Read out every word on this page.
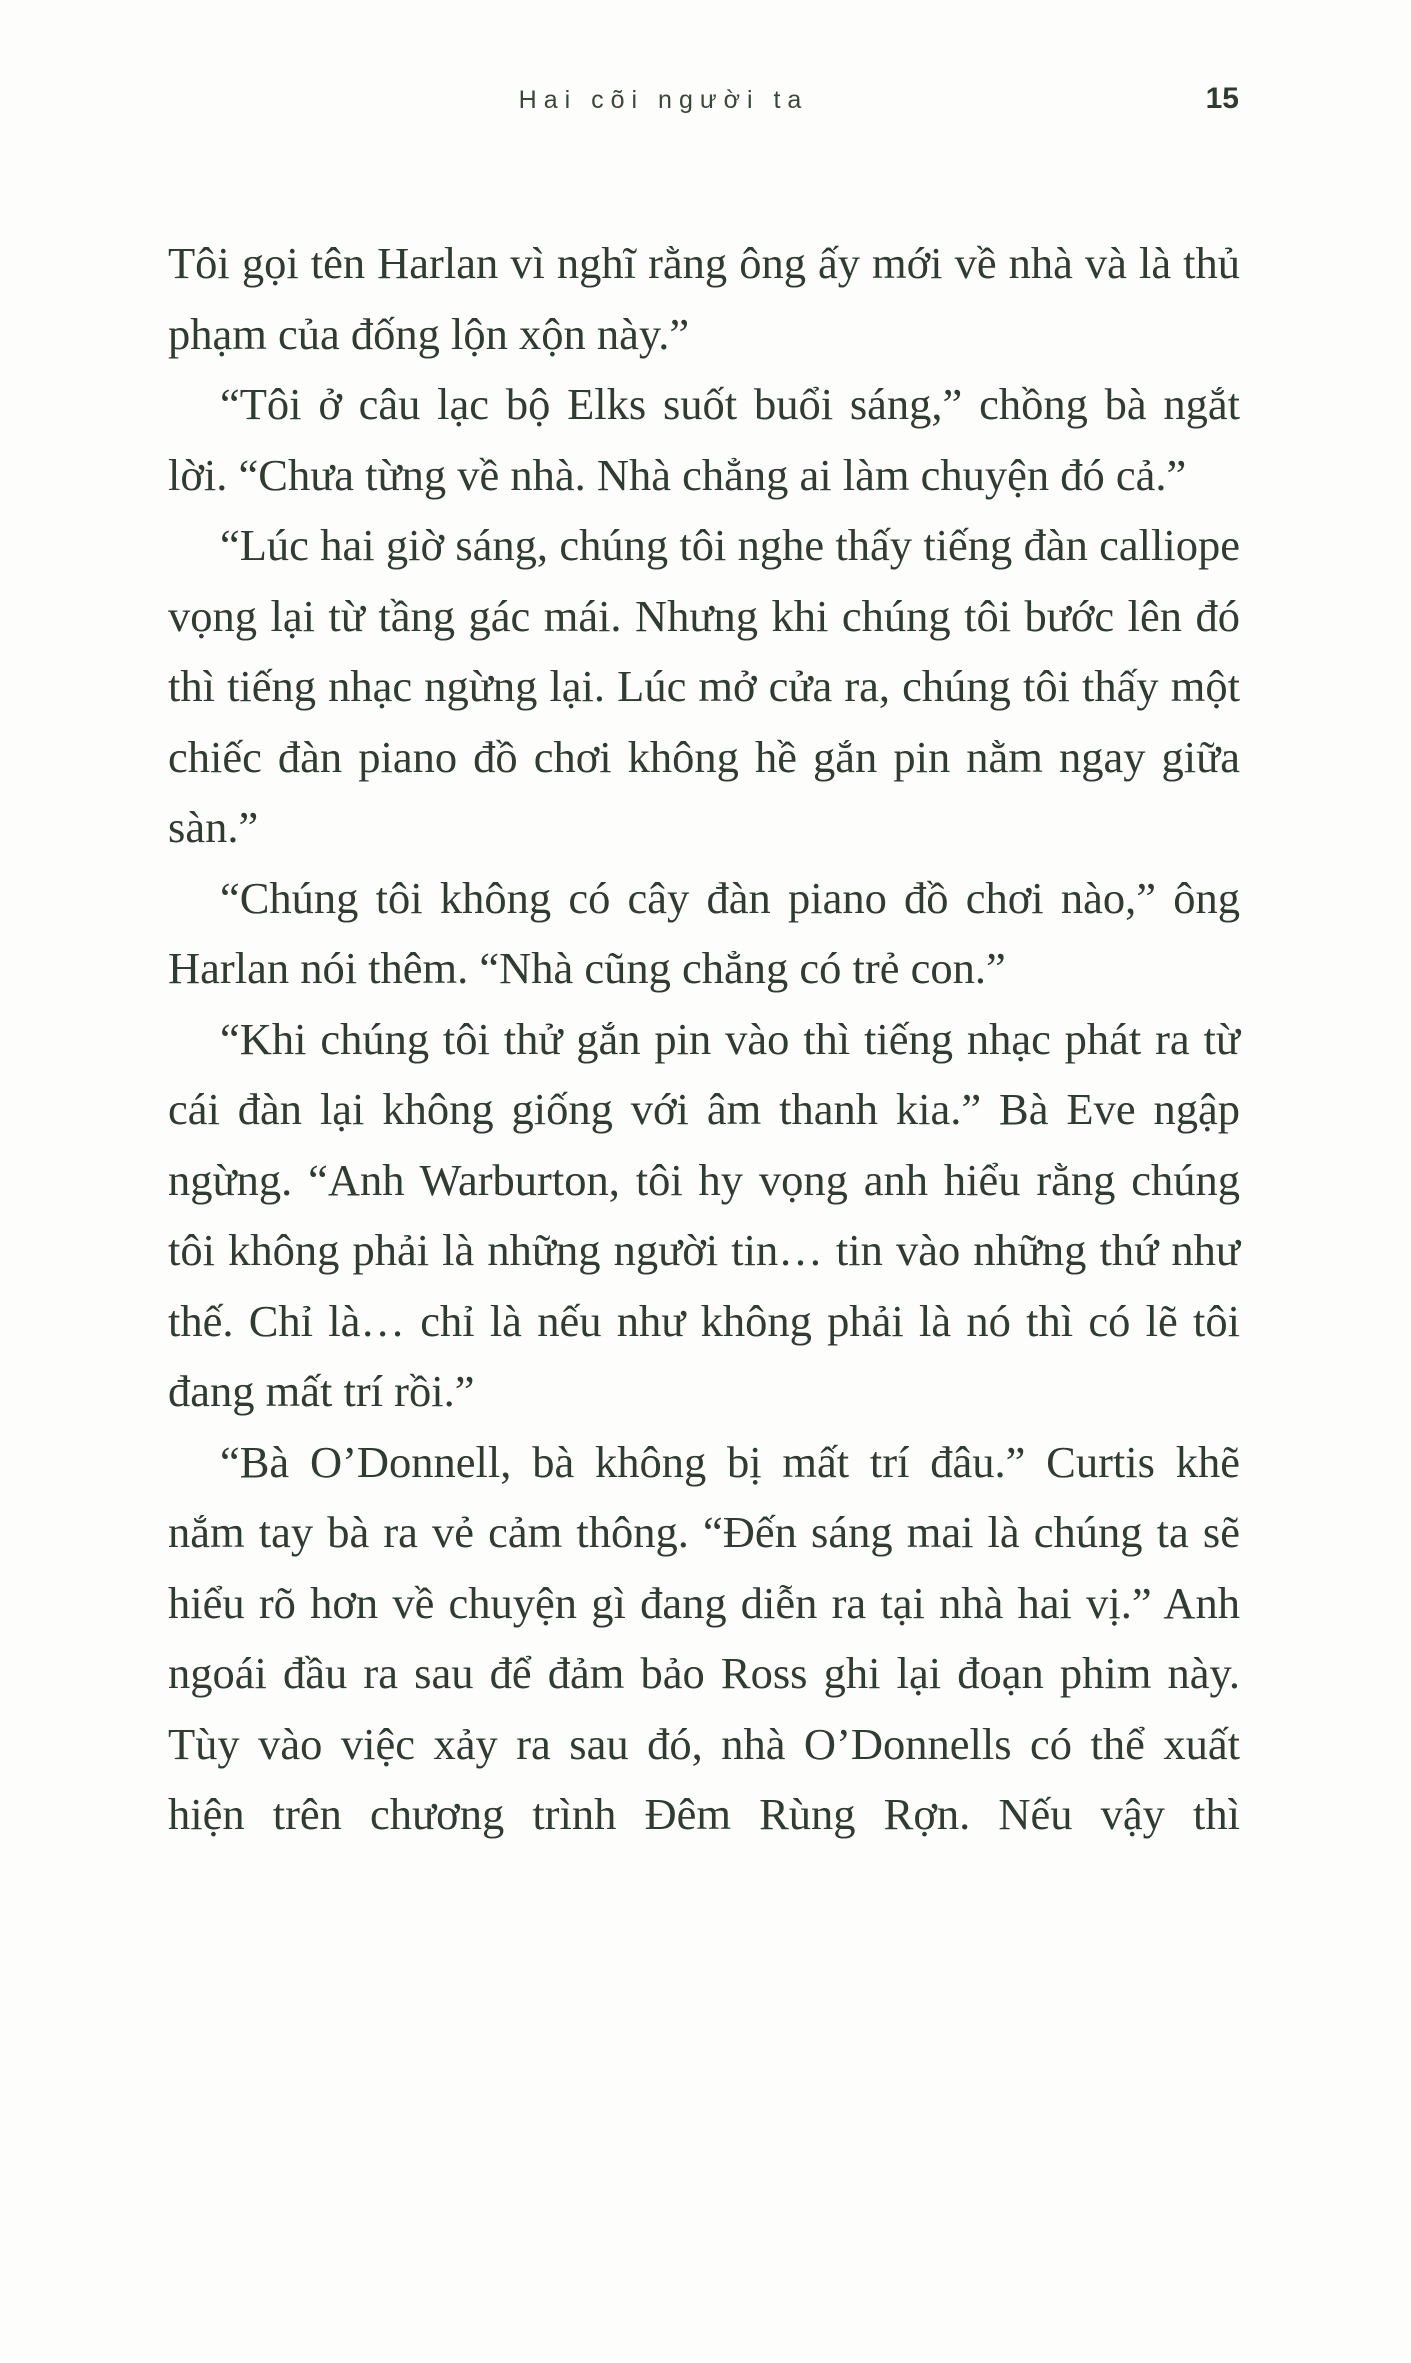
Hai cõi người ta	15

Tôi gọi tên Harlan vì nghĩ rằng ông ấy mới về nhà và là thủ phạm của đống lộn xộn này.”

“Tôi ở câu lạc bộ Elks suốt buổi sáng,” chồng bà ngắt lời. “Chưa từng về nhà. Nhà chẳng ai làm chuyện đó cả.”

“Lúc hai giờ sáng, chúng tôi nghe thấy tiếng đàn calliope vọng lại từ tầng gác mái. Nhưng khi chúng tôi bước lên đó thì tiếng nhạc ngừng lại. Lúc mở cửa ra, chúng tôi thấy một chiếc đàn piano đồ chơi không hề gắn pin nằm ngay giữa sàn.”

“Chúng tôi không có cây đàn piano đồ chơi nào,” ông Harlan nói thêm. “Nhà cũng chẳng có trẻ con.”

“Khi chúng tôi thử gắn pin vào thì tiếng nhạc phát ra từ cái đàn lại không giống với âm thanh kia.” Bà Eve ngập ngừng. “Anh Warburton, tôi hy vọng anh hiểu rằng chúng tôi không phải là những người tin… tin vào những thứ như thế. Chỉ là… chỉ là nếu như không phải là nó thì có lẽ tôi đang mất trí rồi.”

“Bà O’Donnell, bà không bị mất trí đâu.” Curtis khẽ nắm tay bà ra vẻ cảm thông. “Đến sáng mai là chúng ta sẽ hiểu rõ hơn về chuyện gì đang diễn ra tại nhà hai vị.” Anh ngoái đầu ra sau để đảm bảo Ross ghi lại đoạn phim này. Tùy vào việc xảy ra sau đó, nhà O’Donnells có thể xuất hiện trên chương trình Đêm Rùng Rợn. Nếu vậy thì
